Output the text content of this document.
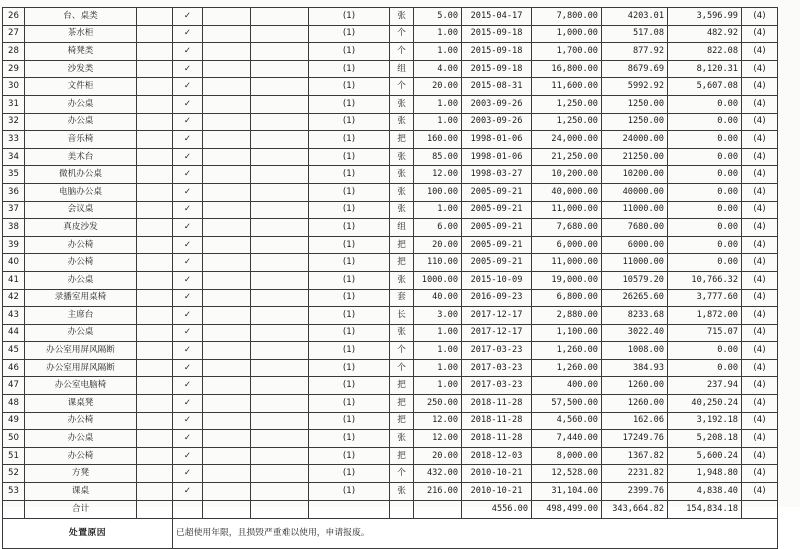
26	台、桌类		✓			(1)	张	5.00	2015-04-17	7,800.00	4203.01	3,596.99	(4)
27	茶水柜		✓			(1)	个	1.00	2015-09-18	1,000.00	517.08	482.92	(4)
28	椅凳类		✓			(1)	个	1.00	2015-09-18	1,700.00	877.92	822.08	(4)
29	沙发类		✓			(1)	组	4.00	2015-09-18	16,800.00	8679.69	8,120.31	(4)
30	文件柜		✓			(1)	个	20.00	2015-08-31	11,600.00	5992.92	5,607.08	(4)
31	办公桌		✓			(1)	张	1.00	2003-09-26	1,250.00	1250.00	0.00	(4)
32	办公桌		✓			(1)	张	1.00	2003-09-26	1,250.00	1250.00	0.00	(4)
33	音乐椅		✓			(1)	把	160.00	1998-01-06	24,000.00	24000.00	0.00	(4)
34	美术台		✓			(1)	张	85.00	1998-01-06	21,250.00	21250.00	0.00	(4)
35	微机办公桌		✓			(1)	张	12.00	1998-03-27	10,200.00	10200.00	0.00	(4)
36	电脑办公桌		✓			(1)	张	100.00	2005-09-21	40,000.00	40000.00	0.00	(4)
37	会议桌		✓			(1)	张	1.00	2005-09-21	11,000.00	11000.00	0.00	(4)
38	真皮沙发		✓			(1)	组	6.00	2005-09-21	7,680.00	7680.00	0.00	(4)
39	办公椅		✓			(1)	把	20.00	2005-09-21	6,000.00	6000.00	0.00	(4)
40	办公椅		✓			(1)	把	110.00	2005-09-21	11,000.00	11000.00	0.00	(4)
41	办公桌		✓			(1)	张	1000.00	2015-10-09	19,000.00	10579.20	10,766.32	(4)
42	录播室用桌椅		✓			(1)	套	40.00	2016-09-23	6,800.00	26265.60	3,777.60	(4)
43	主席台		✓			(1)	长	3.00	2017-12-17	2,880.00	8233.68	1,872.00	(4)
44	办公桌		✓			(1)	张	1.00	2017-12-17	1,100.00	3022.40	715.07	(4)
45	办公室用屏风隔断		✓			(1)	个	1.00	2017-03-23	1,260.00	1008.00	0.00	(4)
46	办公室用屏风隔断		✓			(1)	个	1.00	2017-03-23	1,260.00	384.93	0.00	(4)
47	办公室电脑椅		✓			(1)	把	1.00	2017-03-23	400.00	1260.00	237.94	(4)
48	课桌凳		✓			(1)	把	250.00	2018-11-28	57,500.00	1260.00	40,250.24	(4)
49	办公椅		✓			(1)	把	12.00	2018-11-28	4,560.00	162.06	3,192.18	(4)
50	办公桌		✓			(1)	张	12.00	2018-11-28	7,440.00	17249.76	5,208.18	(4)
51	办公椅		✓			(1)	把	20.00	2018-12-03	8,000.00	1367.82	5,600.24	(4)
52	方凳		✓			(1)	个	432.00	2010-10-21	12,528.00	2231.82	1,948.80	(4)
53	课桌		✓			(1)	张	216.00	2010-10-21	31,104.00	2399.76	4,838.40	(4)
	合计								4556.00	498,499.00	343,664.82	154,834.18	
处置原因			已超使用年限，且损毁严重难以使用，申请报废。										
